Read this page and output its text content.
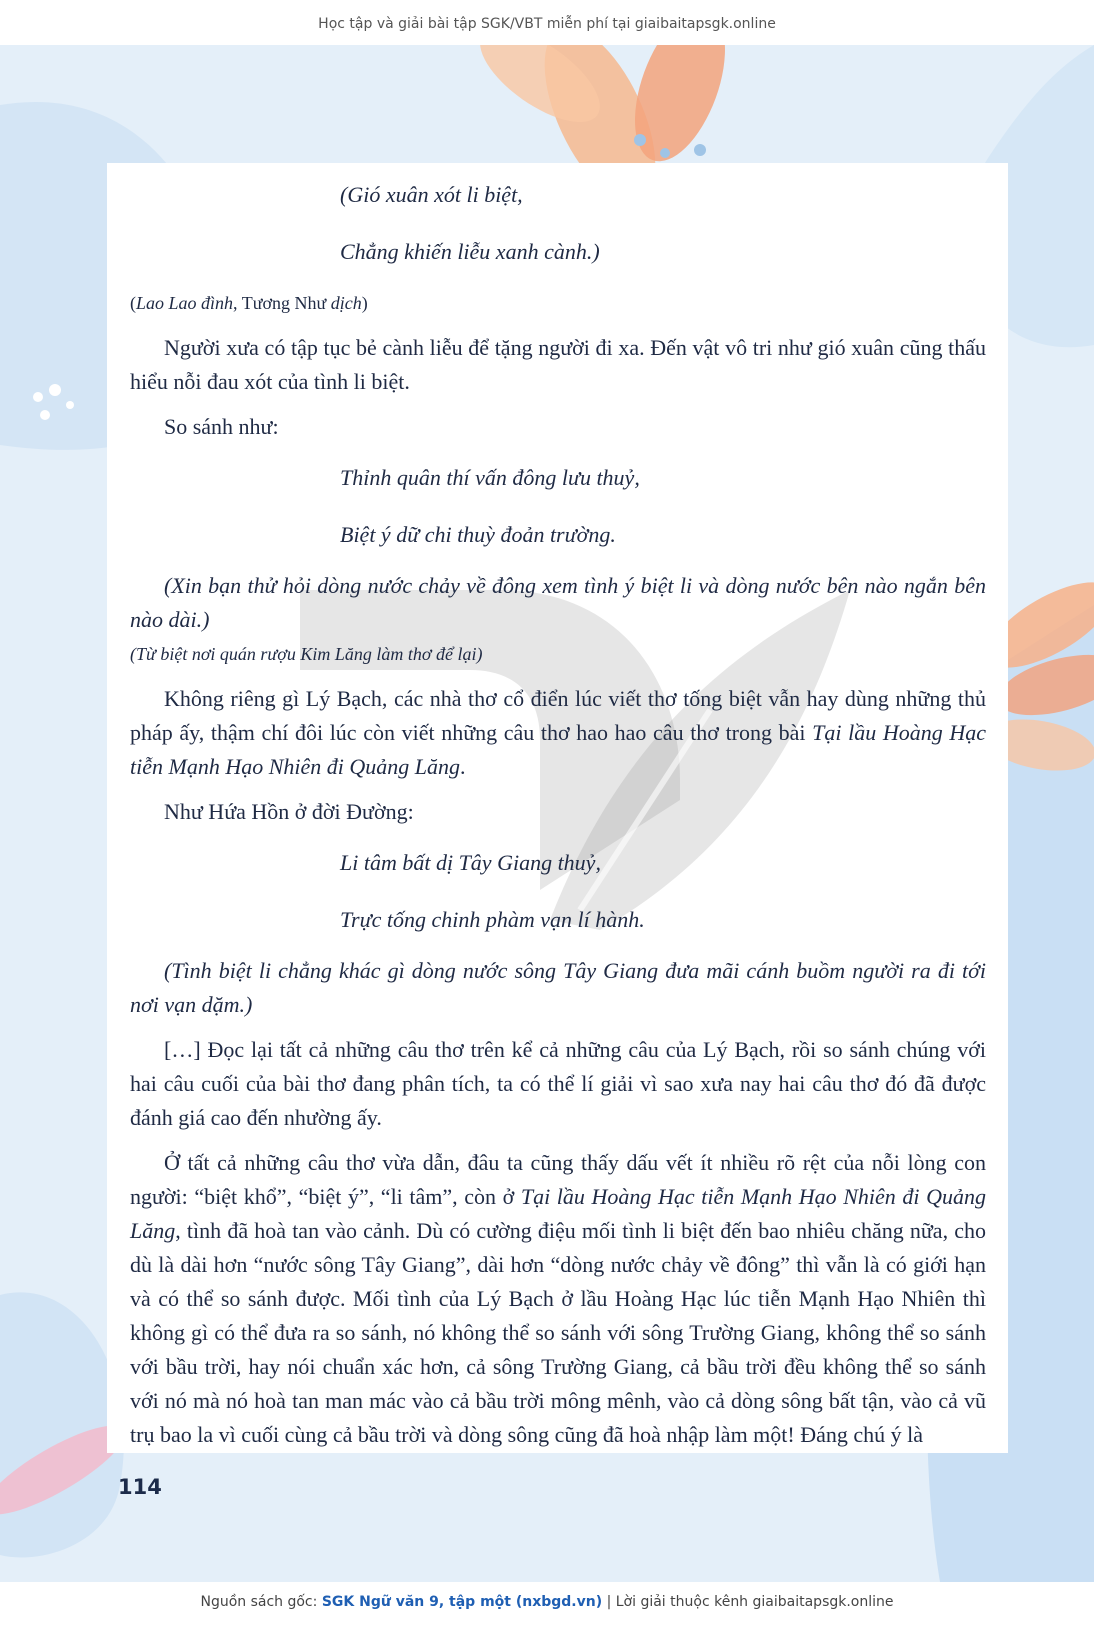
Học tập và giải bài tập SGK/VBT miễn phí tại giaibaitapsgk.online

(Gió xuân xót li biệt,

Chẳng khiến liễu xanh cành.)

(Lao Lao đình, Tương Như dịch)

Người xưa có tập tục bẻ cành liễu để tặng người đi xa. Đến vật vô tri như gió xuân cũng thấu hiểu nỗi đau xót của tình li biệt.

So sánh như:

Thỉnh quân thí vấn đông lưu thuỷ,

Biệt ý dữ chi thuỳ đoản trường.

(Xin bạn thử hỏi dòng nước chảy về đông xem tình ý biệt li và dòng nước bên nào ngắn bên nào dài.)

(Từ biệt nơi quán rượu Kim Lăng làm thơ để lại)

Không riêng gì Lý Bạch, các nhà thơ cổ điển lúc viết thơ tống biệt vẫn hay dùng những thủ pháp ấy, thậm chí đôi lúc còn viết những câu thơ hao hao câu thơ trong bài Tại lầu Hoàng Hạc tiễn Mạnh Hạo Nhiên đi Quảng Lăng.

Như Hứa Hồn ở đời Đường:

Li tâm bất dị Tây Giang thuỷ,

Trực tống chinh phàm vạn lí hành.

(Tình biệt li chẳng khác gì dòng nước sông Tây Giang đưa mãi cánh buồm người ra đi tới nơi vạn dặm.)

[…] Đọc lại tất cả những câu thơ trên kể cả những câu của Lý Bạch, rồi so sánh chúng với hai câu cuối của bài thơ đang phân tích, ta có thể lí giải vì sao xưa nay hai câu thơ đó đã được đánh giá cao đến nhường ấy.

Ở tất cả những câu thơ vừa dẫn, đâu ta cũng thấy dấu vết ít nhiều rõ rệt của nỗi lòng con người: “biệt khổ”, “biệt ý”, “li tâm”, còn ở Tại lầu Hoàng Hạc tiễn Mạnh Hạo Nhiên đi Quảng Lăng, tình đã hoà tan vào cảnh. Dù có cường điệu mối tình li biệt đến bao nhiêu chăng nữa, cho dù là dài hơn “nước sông Tây Giang”, dài hơn “dòng nước chảy về đông” thì vẫn là có giới hạn và có thể so sánh được. Mối tình của Lý Bạch ở lầu Hoàng Hạc lúc tiễn Mạnh Hạo Nhiên thì không gì có thể đưa ra so sánh, nó không thể so sánh với sông Trường Giang, không thể so sánh với bầu trời, hay nói chuẩn xác hơn, cả sông Trường Giang, cả bầu trời đều không thể so sánh với nó mà nó hoà tan man mác vào cả bầu trời mông mênh, vào cả dòng sông bất tận, vào cả vũ trụ bao la vì cuối cùng cả bầu trời và dòng sông cũng đã hoà nhập làm một! Đáng chú ý là

114
Nguồn sách gốc: SGK Ngữ văn 9, tập một (nxbgd.vn) | Lời giải thuộc kênh giaibaitapsgk.online
